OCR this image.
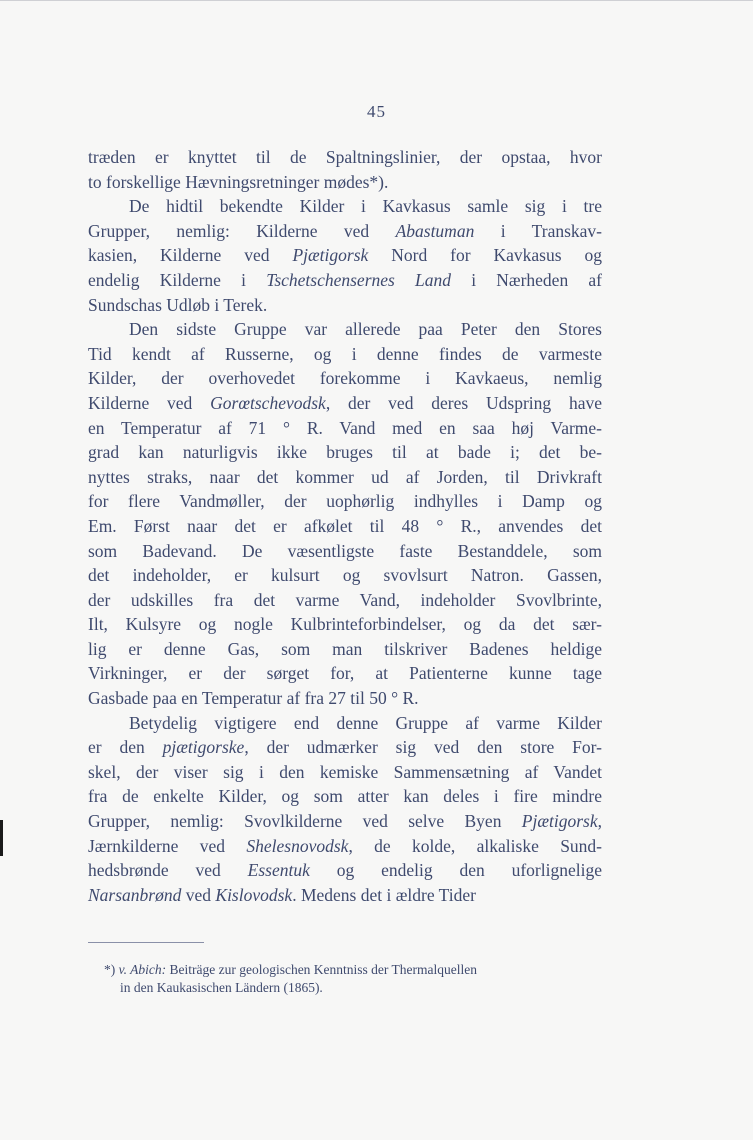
45
træden er knyttet til de Spaltningslinier, der opstaa, hvor
to forskellige Hævningsretninger mødes*).
De hidtil bekendte Kilder i Kavkasus samle sig i tre
Grupper, nemlig: Kilderne ved Abastuman i Transkav-
kasien, Kilderne ved Pjætigorsk Nord for Kavkasus og
endelig Kilderne i Tschetschensernes Land i Nærheden af
Sundschas Udløb i Terek.
Den sidste Gruppe var allerede paa Peter den Stores
Tid kendt af Russerne, og i denne findes de varmeste
Kilder, der overhovedet forekomme i Kavkaeus, nemlig
Kilderne ved Gorœtschevodsk, der ved deres Udspring have
en Temperatur af 71 ° R. Vand med en saa høj Varme-
grad kan naturligvis ikke bruges til at bade i; det be-
nyttes straks, naar det kommer ud af Jorden, til Drivkraft
for flere Vandmøller, der uophørlig indhylles i Damp og
Em. Først naar det er afkølet til 48 ° R., anvendes det
som Badevand. De væsentligste faste Bestanddele, som
det indeholder, er kulsurt og svovlsurt Natron. Gassen,
der udskilles fra det varme Vand, indeholder Svovlbrinte,
Ilt, Kulsyre og nogle Kulbrinteforbindelser, og da det sær-
lig er denne Gas, som man tilskriver Badenes heldige
Virkninger, er der sørget for, at Patienterne kunne tage
Gasbade paa en Temperatur af fra 27 til 50 ° R.
Betydelig vigtigere end denne Gruppe af varme Kilder
er den pjætigorske, der udmærker sig ved den store For-
skel, der viser sig i den kemiske Sammensætning af Vandet
fra de enkelte Kilder, og som atter kan deles i fire mindre
Grupper, nemlig: Svovlkilderne ved selve Byen Pjætigorsk,
Jærnkilderne ved Shelesnovodsk, de kolde, alkaliske Sund-
hedsbrønde ved Essentuk og endelig den uforlignelige
Narsanbrønd ved Kislovodsk. Medens det i ældre Tider
*) v. Abich: Beiträge zur geologischen Kenntniss der Thermalquellen
in den Kaukasischen Ländern (1865).
